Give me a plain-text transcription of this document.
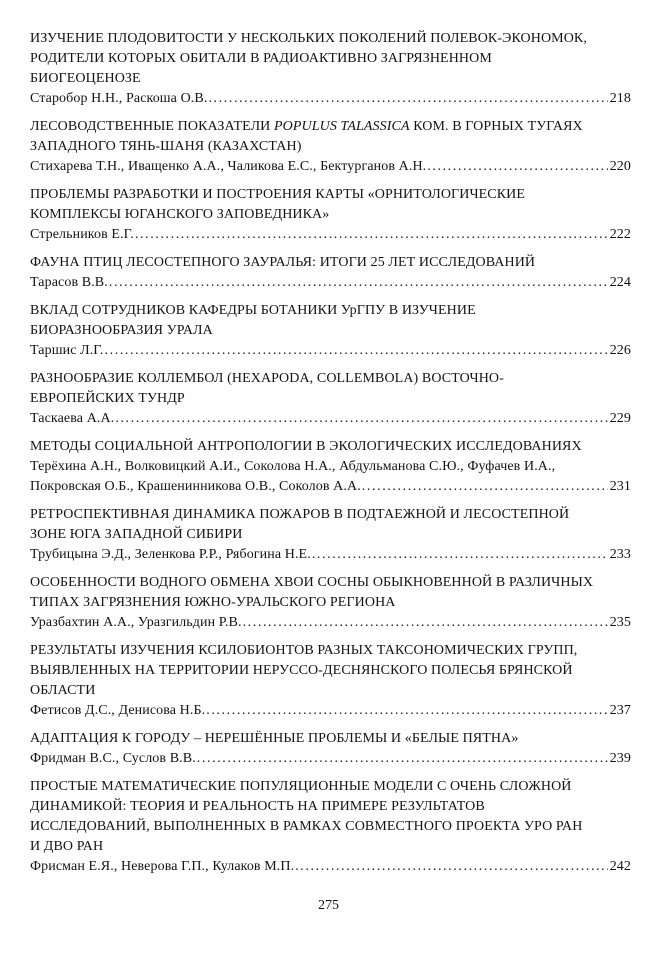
ИЗУЧЕНИЕ ПЛОДОВИТОСТИ У НЕСКОЛЬКИХ ПОКОЛЕНИЙ ПОЛЕВОК-ЭКОНОМОК,
РОДИТЕЛИ КОТОРЫХ ОБИТАЛИ В РАДИОАКТИВНО ЗАГРЯЗНЕННОМ
БИОГЕОЦЕНОЗЕ
Старобор Н.Н., Раскоша О.В. .....	218
ЛЕСОВОДСТВЕННЫЕ ПОКАЗАТЕЛИ POPULUS TALASSICA КОМ. В ГОРНЫХ ТУГАЯХ
ЗАПАДНОГО ТЯНЬ-ШАНЯ (КАЗАХСТАН)
Стихарева Т.Н., Иващенко А.А., Чаликова Е.С., Бектурганов А.Н. .....	220
ПРОБЛЕМЫ РАЗРАБОТКИ И ПОСТРОЕНИЯ КАРТЫ «ОРНИТОЛОГИЧЕСКИЕ
КОМПЛЕКСЫ ЮГАНСКОГО ЗАПОВЕДНИКА»
Стрельников Е.Г. .....	222
ФАУНА ПТИЦ ЛЕСОСТЕПНОГО ЗАУРАЛЬЯ: ИТОГИ 25 ЛЕТ ИССЛЕДОВАНИЙ
Тарасов В.В. .....	224
ВКЛАД СОТРУДНИКОВ КАФЕДРЫ БОТАНИКИ УрГПУ В ИЗУЧЕНИЕ
БИОРАЗНООБРАЗИЯ УРАЛА
Таршис Л.Г. .....	226
РАЗНООБРАЗИЕ КОЛЛЕМБОЛ (HEXAPODA, COLLEMBOLA) ВОСТОЧНО-
ЕВРОПЕЙСКИХ ТУНДР
Таскаева А.А. .....	229
МЕТОДЫ СОЦИАЛЬНОЙ АНТРОПОЛОГИИ В ЭКОЛОГИЧЕСКИХ ИССЛЕДОВАНИЯХ
Терёхина А.Н., Волковицкий А.И., Соколова Н.А., Абдульманова С.Ю., Фуфачев И.А.,
Покровская О.Б., Крашенинникова О.В., Соколов А.А. .....	231
РЕТРОСПЕКТИВНАЯ ДИНАМИКА ПОЖАРОВ В ПОДТАЕЖНОЙ И ЛЕСОСТЕПНОЙ
ЗОНЕ ЮГА ЗАПАДНОЙ СИБИРИ
Трубицына Э.Д., Зеленкова Р.Р., Рябогина Н.Е. .....	233
ОСОБЕННОСТИ ВОДНОГО ОБМЕНА ХВОИ СОСНЫ ОБЫКНОВЕННОЙ В РАЗЛИЧНЫХ
ТИПАХ ЗАГРЯЗНЕНИЯ ЮЖНО-УРАЛЬСКОГО РЕГИОНА
Уразбахтин А.А., Уразгильдин Р.В. .....	235
РЕЗУЛЬТАТЫ ИЗУЧЕНИЯ КСИЛОБИОНТОВ РАЗНЫХ ТАКСОНОМИЧЕСКИХ ГРУПП,
ВЫЯВЛЕННЫХ НА ТЕРРИТОРИИ НЕРУССО-ДЕСНЯНСКОГО ПОЛЕСЬЯ БРЯНСКОЙ
ОБЛАСТИ
Фетисов Д.С., Денисова Н.Б. .....	237
АДАПТАЦИЯ К ГОРОДУ – НЕРЕШЁННЫЕ ПРОБЛЕМЫ И «БЕЛЫЕ ПЯТНА»
Фридман В.С., Суслов В.В. .....	239
ПРОСТЫЕ МАТЕМАТИЧЕСКИЕ ПОПУЛЯЦИОННЫЕ МОДЕЛИ С ОЧЕНЬ СЛОЖНОЙ
ДИНАМИКОЙ: ТЕОРИЯ И РЕАЛЬНОСТЬ НА ПРИМЕРЕ РЕЗУЛЬТАТОВ
ИССЛЕДОВАНИЙ, ВЫПОЛНЕННЫХ В РАМКАХ СОВМЕСТНОГО ПРОЕКТА УРО РАН
И ДВО РАН
Фрисман Е.Я., Неверова Г.П., Кулаков М.П. .....	242
275
